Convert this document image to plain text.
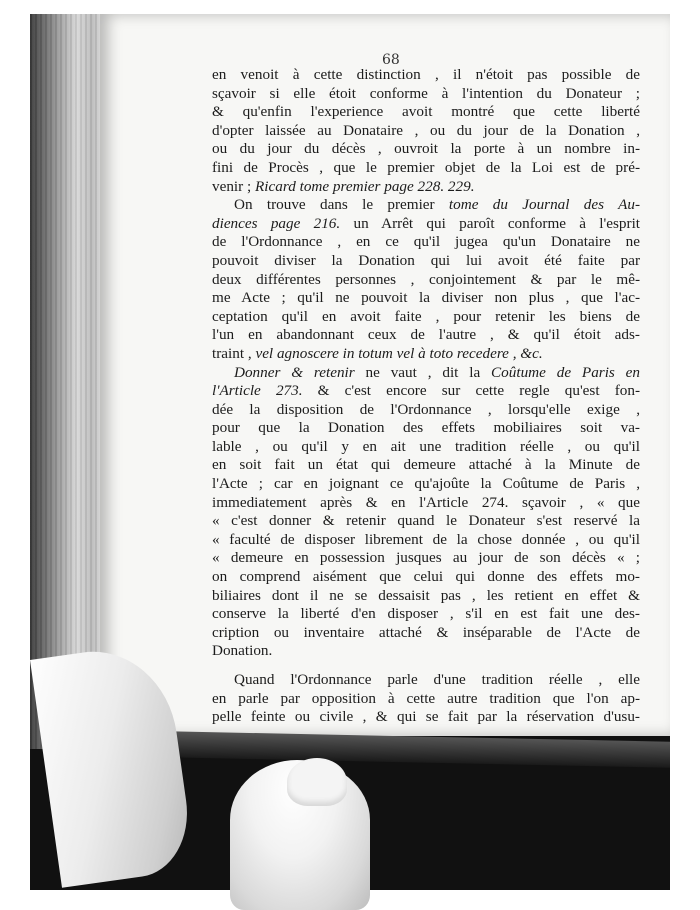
68

en venoit à cette distinction , il n'étoit pas possible de
sçavoir si elle étoit conforme à l'intention du Donateur ;
& qu'enfin l'experience avoit montré que cette liberté
d'opter laissée au Donataire , ou du jour de la Donation ,
ou du jour du décès , ouvroit la porte à un nombre in-
fini de Procès , que le premier objet de la Loi est de pré-
venir ; Ricard tome premier page 228. 229.

On trouve dans le premier tome du Journal des Au-
diences page 216. un Arrêt qui paroît conforme à l'esprit
de l'Ordonnance , en ce qu'il jugea qu'un Donataire ne
pouvoit diviser la Donation qui lui avoit été faite par
deux différentes personnes , conjointement & par le mê-
me Acte ; qu'il ne pouvoit la diviser non plus , que l'ac-
ceptation qu'il en avoit faite , pour retenir les biens de
l'un en abandonnant ceux de l'autre , & qu'il étoit ads-
traint , vel agnoscere in totum vel à toto recedere , &c.

Donner & retenir ne vaut , dit la Coûtume de Paris en
l'Article 273. & c'est encore sur cette regle qu'est fon-
dée la disposition de l'Ordonnance , lorsqu'elle exige ,
pour que la Donation des effets mobiliaires soit va-
lable , ou qu'il y en ait une tradition réelle , ou qu'il
en soit fait un état qui demeure attaché à la Minute de
l'Acte ; car en joignant ce qu'ajoûte la Coûtume de Paris ,
immediatement après & en l'Article 274. sçavoir , « que
« c'est donner & retenir quand le Donateur s'est reservé la
« faculté de disposer librement de la chose donnée , ou qu'il
« demeure en possession jusques au jour de son décès « ;
on comprend aisément que celui qui donne des effets mo-
biliaires dont il ne se dessaisit pas , les retient en effet &
conserve la liberté d'en disposer , s'il en est fait une des-
cription ou inventaire attaché & inséparable de l'Acte de
Donation.

Quand l'Ordonnance parle d'une tradition réelle , elle
en parle par opposition à cette autre tradition que l'on ap-
pelle feinte ou civile , & qui se fait par la réservation d'usu-
